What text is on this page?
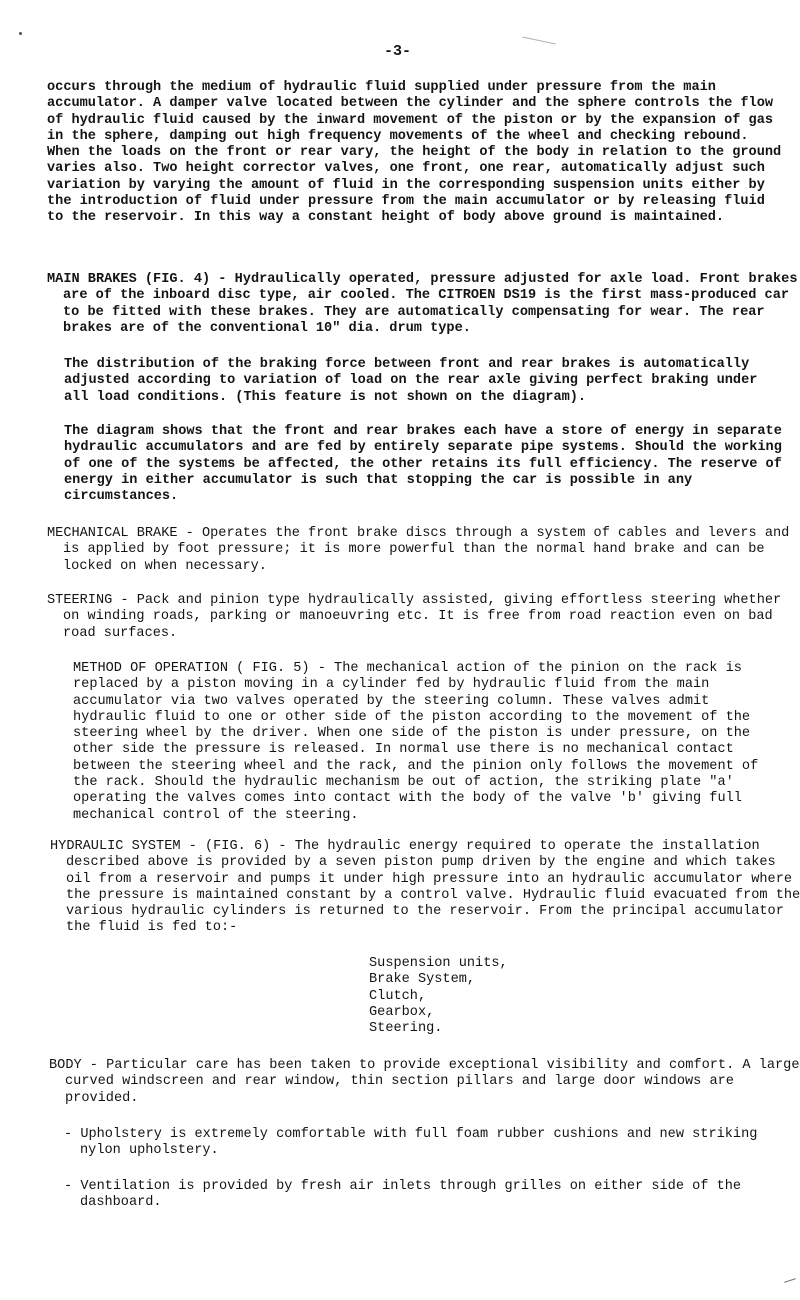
-3-

occurs through the medium of hydraulic fluid supplied under pressure from the main accumulator. A damper valve located between the cylinder and the sphere controls the flow of hydraulic fluid caused by the inward movement of the piston or by the expansion of gas in the sphere, damping out high frequency movements of the wheel and checking rebound. When the loads on the front or rear vary, the height of the body in relation to the ground varies also. Two height corrector valves, one front, one rear, automatically adjust such variation by varying the amount of fluid in the corresponding suspension units either by the introduction of fluid under pressure from the main accumulator or by releasing fluid to the reservoir. In this way a constant height of body above ground is maintained.

MAIN BRAKES (FIG. 4) - Hydraulically operated, pressure adjusted for axle load. Front brakes are of the inboard disc type, air cooled. The CITROEN DS19 is the first mass-produced car to be fitted with these brakes. They are automatically compensating for wear. The rear brakes are of the conventional 10" dia. drum type.

The distribution of the braking force between front and rear brakes is automatically adjusted according to variation of load on the rear axle giving perfect braking under all load conditions. (This feature is not shown on the diagram).

The diagram shows that the front and rear brakes each have a store of energy in separate hydraulic accumulators and are fed by entirely separate pipe systems. Should the working of one of the systems be affected, the other retains its full efficiency. The reserve of energy in either accumulator is such that stopping the car is possible in any circumstances.

MECHANICAL BRAKE - Operates the front brake discs through a system of cables and levers and is applied by foot pressure; it is more powerful than the normal hand brake and can be locked on when necessary.

STEERING - Pack and pinion type hydraulically assisted, giving effortless steering whether on winding roads, parking or manoeuvring etc. It is free from road reaction even on bad road surfaces.

METHOD OF OPERATION ( FIG. 5) - The mechanical action of the pinion on the rack is replaced by a piston moving in a cylinder fed by hydraulic fluid from the main accumulator via two valves operated by the steering column. These valves admit hydraulic fluid to one or other side of the piston according to the movement of the steering wheel by the driver. When one side of the piston is under pressure, on the other side the pressure is released. In normal use there is no mechanical contact between the steering wheel and the rack, and the pinion only follows the movement of the rack. Should the hydraulic mechanism be out of action, the striking plate "a' operating the valves comes into contact with the body of the valve 'b' giving full mechanical control of the steering.

HYDRAULIC SYSTEM - (FIG. 6) - The hydraulic energy required to operate the installation described above is provided by a seven piston pump driven by the engine and which takes oil from a reservoir and pumps it under high pressure into an hydraulic accumulator where the pressure is maintained constant by a control valve. Hydraulic fluid evacuated from the various hydraulic cylinders is returned to the reservoir. From the principal accumulator the fluid is fed to:-

Suspension units,
Brake System,
Clutch,
Gearbox,
Steering.

BODY - Particular care has been taken to provide exceptional visibility and comfort. A large curved windscreen and rear window, thin section pillars and large door windows are provided.

- Upholstery is extremely comfortable with full foam rubber cushions and new striking nylon upholstery.

- Ventilation is provided by fresh air inlets through grilles on either side of the dashboard.
